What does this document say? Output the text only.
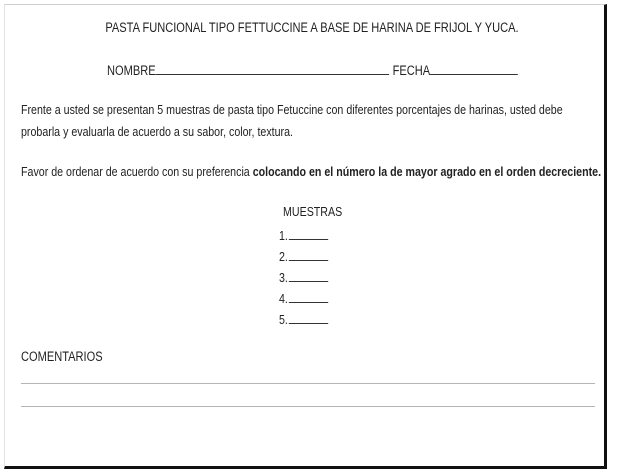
PASTA FUNCIONAL TIPO FETTUCCINE A BASE DE HARINA DE FRIJOL Y YUCA.
NOMBRE	FECHA
Frente a usted se presentan 5 muestras de pasta tipo Fetuccine con diferentes porcentajes de harinas, usted debe probarla y evaluarla de acuerdo a su sabor, color, textura.
Favor de ordenar de acuerdo con su preferencia colocando en el número la de mayor agrado en el orden decreciente.
MUESTRAS
1.
2.
3.
4.
5.
COMENTARIOS
